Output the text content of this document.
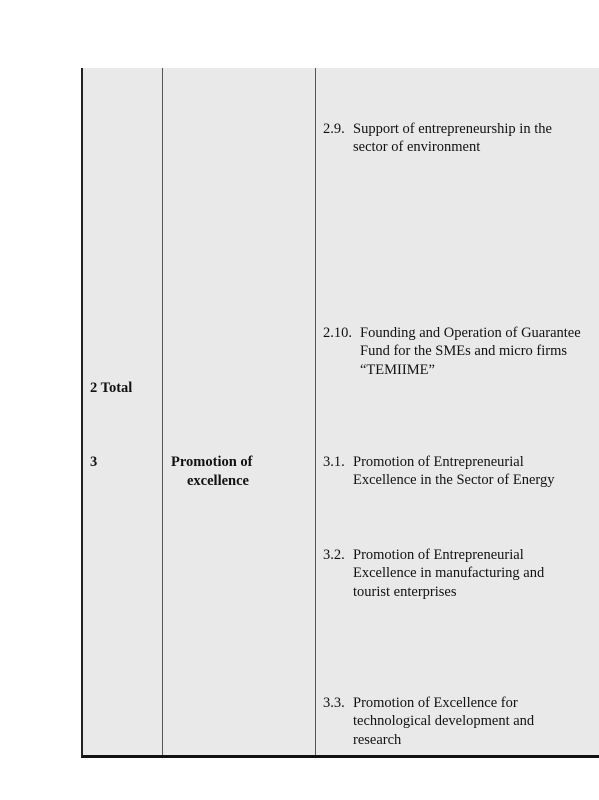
2 Total
3	Promotion of
excellence
2.9. Support of entrepreneurship in the
sector of environment
2.10. Founding and Operation of Guarantee
Fund for the SMEs and micro firms
“TEMIIME”
3.1. Promotion of Entrepreneurial
Excellence in the Sector of Energy
3.2. Promotion of Entrepreneurial
Excellence in manufacturing and
tourist enterprises
3.3. Promotion of Excellence for
technological development and
research
